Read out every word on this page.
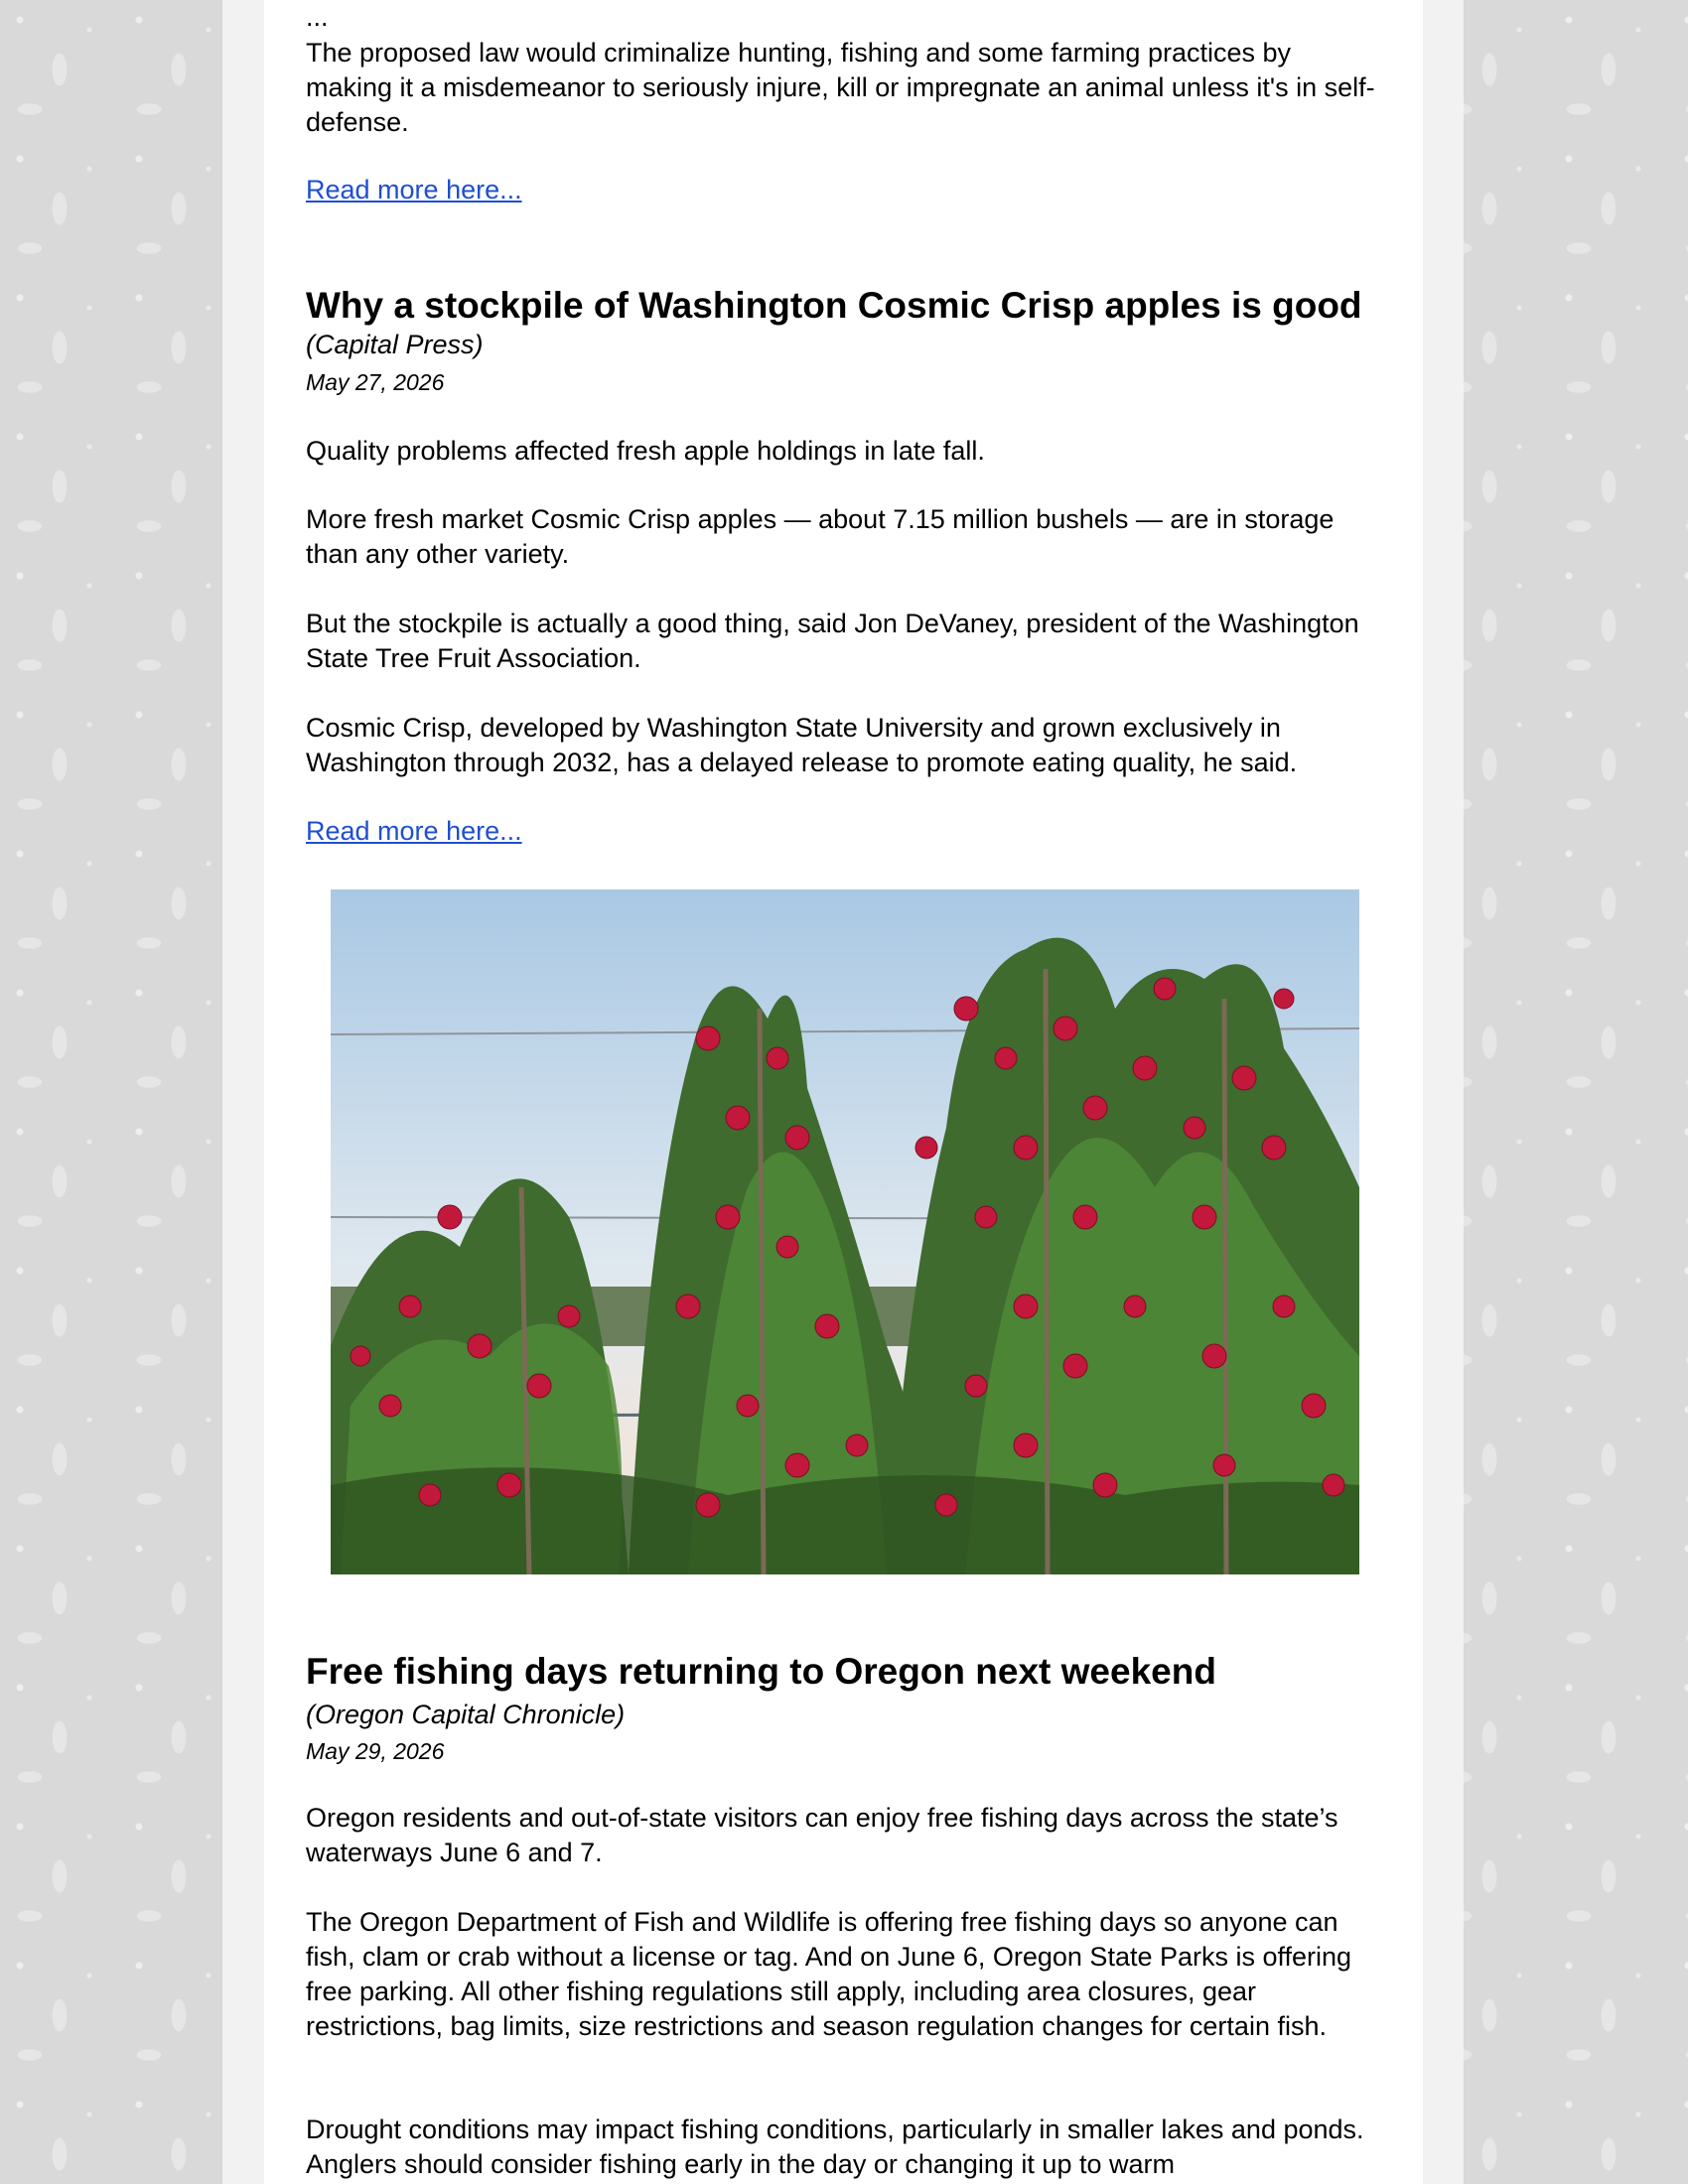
...

The proposed law would criminalize hunting, fishing and some farming practices by making it a misdemeanor to seriously injure, kill or impregnate an animal unless it's in self-defense.

Read more here...
Why a stockpile of Washington Cosmic Crisp apples is good
(Capital Press)
May 27, 2026

Quality problems affected fresh apple holdings in late fall.

More fresh market Cosmic Crisp apples — about 7.15 million bushels — are in storage than any other variety.

But the stockpile is actually a good thing, said Jon DeVaney, president of the Washington State Tree Fruit Association.

Cosmic Crisp, developed by Washington State University and grown exclusively in Washington through 2032, has a delayed release to promote eating quality, he said.

Read more here...
Free fishing days returning to Oregon next weekend
(Oregon Capital Chronicle)
May 29, 2026

Oregon residents and out-of-state visitors can enjoy free fishing days across the state’s waterways June 6 and 7.

The Oregon Department of Fish and Wildlife is offering free fishing days so anyone can fish, clam or crab without a license or tag. And on June 6, Oregon State Parks is offering free parking. All other fishing regulations still apply, including area closures, gear restrictions, bag limits, size restrictions and season regulation changes for certain fish.

Drought conditions may impact fishing conditions, particularly in smaller lakes and ponds. Anglers should consider fishing early in the day or changing it up to warm
